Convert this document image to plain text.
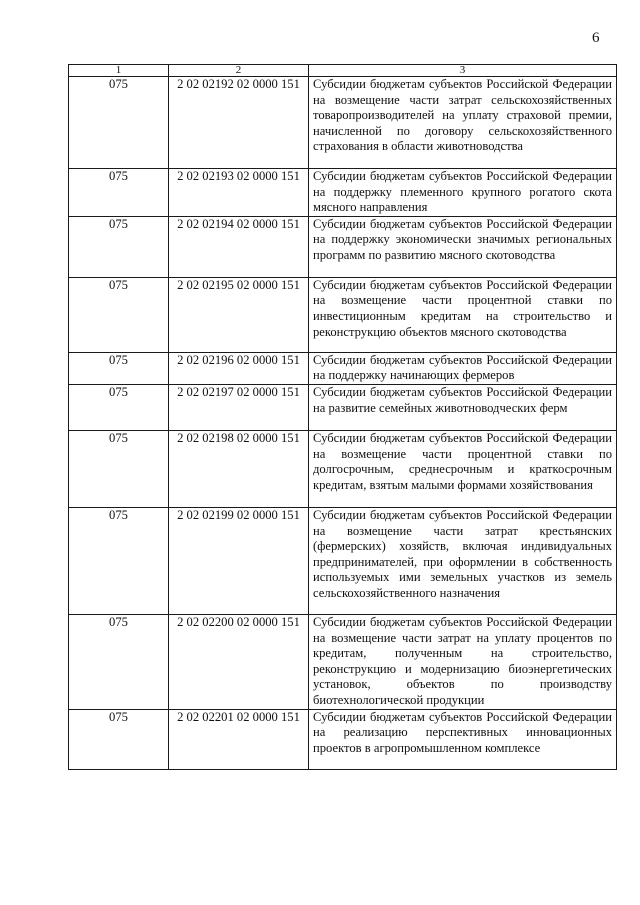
6
1	2	3
075	2 02 02192 02 0000 151	Субсидии бюджетам субъектов Российской Федерации на возмещение части затрат сельскохозяйственных товаропроизводителей на уплату страховой премии, начисленной по договору сельскохозяйственного страхования в области животноводства
075	2 02 02193 02 0000 151	Субсидии бюджетам субъектов Российской Федерации на поддержку племенного крупного рогатого скота мясного направления
075	2 02 02194 02 0000 151	Субсидии бюджетам субъектов Российской Федерации на поддержку экономически значимых региональных программ по развитию мясного скотоводства
075	2 02 02195 02 0000 151	Субсидии бюджетам субъектов Российской Федерации на возмещение части процентной ставки по инвестиционным кредитам на строительство и реконструкцию объектов мясного скотоводства
075	2 02 02196 02 0000 151	Субсидии бюджетам субъектов Российской Федерации на поддержку начинающих фермеров
075	2 02 02197 02 0000 151	Субсидии бюджетам субъектов Российской Федерации на развитие семейных животноводческих ферм
075	2 02 02198 02 0000 151	Субсидии бюджетам субъектов Российской Федерации на возмещение части процентной ставки по долгосрочным, среднесрочным и краткосрочным кредитам, взятым малыми формами хозяйствования
075	2 02 02199 02 0000 151	Субсидии бюджетам субъектов Российской Федерации на возмещение части затрат крестьянских (фермерских) хозяйств, включая индивидуальных предпринимателей, при оформлении в собственность используемых ими земельных участков из земель сельскохозяйственного назначения
075	2 02 02200 02 0000 151	Субсидии бюджетам субъектов Российской Федерации на возмещение части затрат на уплату процентов по кредитам, полученным на строительство, реконструкцию и модернизацию биоэнергетических установок, объектов по производству биотехнологической продукции
075	2 02 02201 02 0000 151	Субсидии бюджетам субъектов Российской Федерации на реализацию перспективных инновационных проектов в агропромышленном комплексе
